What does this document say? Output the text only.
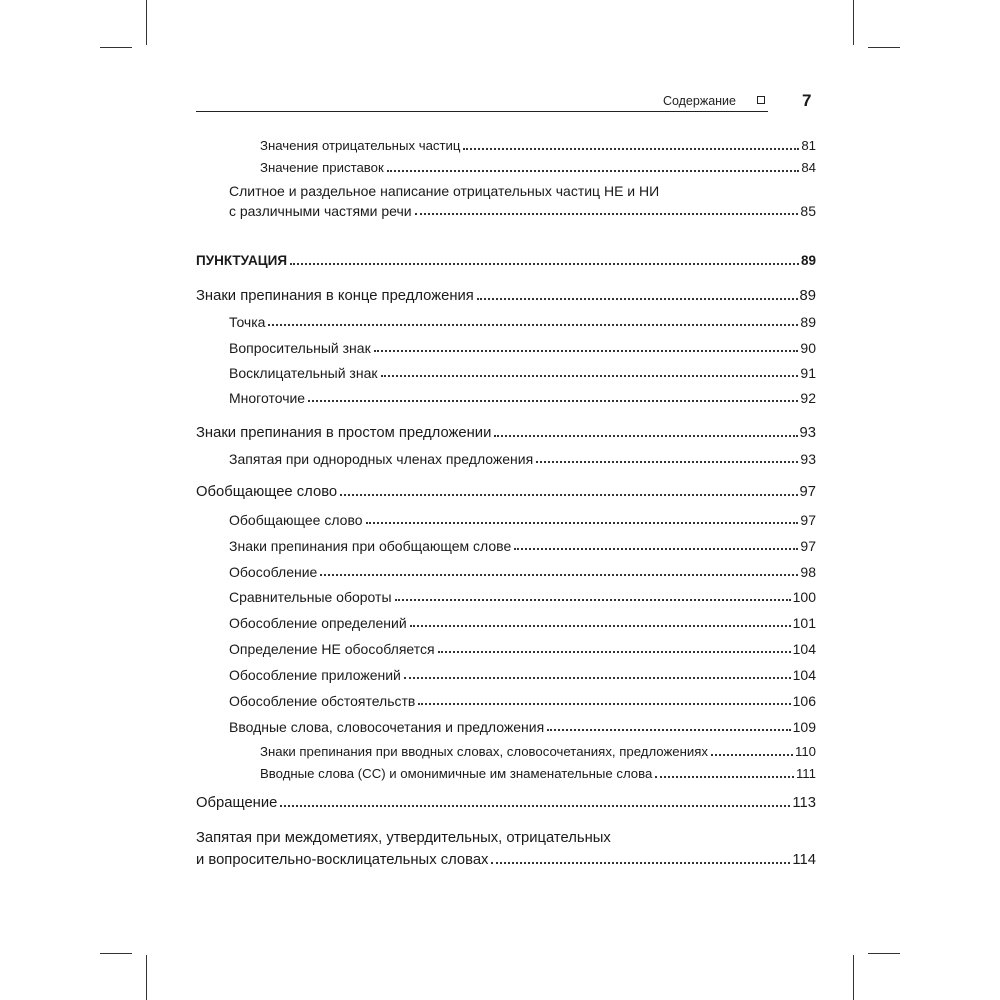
Содержание	7
Значения отрицательных частиц	81
Значение приставок	84
Слитное и раздельное написание отрицательных частиц НЕ и НИ
с различными частями речи	85
ПУНКТУАЦИЯ	89
Знаки препинания в конце предложения	89
Точка	89
Вопросительный знак	90
Восклицательный знак	91
Многоточие	92
Знаки препинания в простом предложении	93
Запятая при однородных членах предложения	93
Обобщающее слово	97
Обобщающее слово	97
Знаки препинания при обобщающем слове	97
Обособление	98
Сравнительные обороты	100
Обособление определений	101
Определение НЕ обособляется	104
Обособление приложений	104
Обособление обстоятельств	106
Вводные слова, словосочетания и предложения	109
Знаки препинания при вводных словах, словосочетаниях, предложениях	110
Вводные слова (СС) и омонимичные им знаменательные слова	111
Обращение	113
Запятая при междометиях, утвердительных, отрицательных
и вопросительно-восклицательных словах	114
